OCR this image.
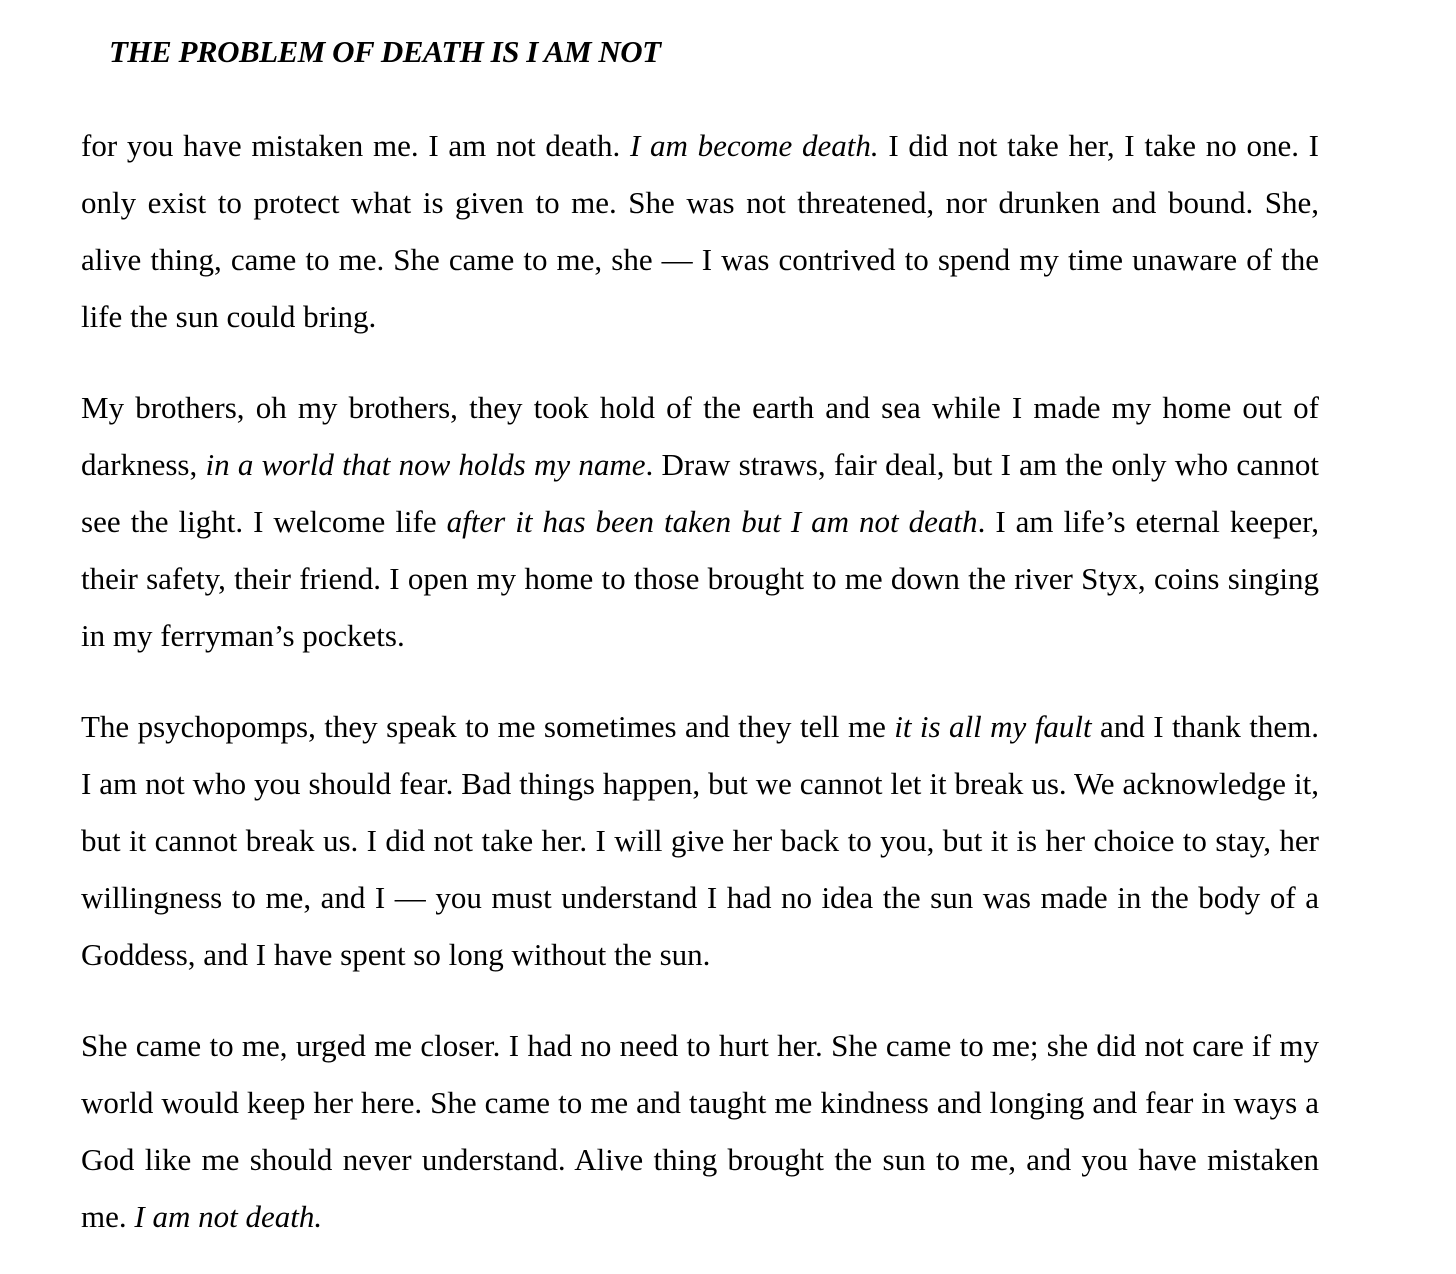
THE PROBLEM OF DEATH IS I AM NOT

for you have mistaken me. I am not death. I am become death. I did not take her, I take no one. I only exist to protect what is given to me. She was not threatened, nor drunken and bound. She, alive thing, came to me. She came to me, she — I was contrived to spend my time unaware of the life the sun could bring.

My brothers, oh my brothers, they took hold of the earth and sea while I made my home out of darkness, in a world that now holds my name. Draw straws, fair deal, but I am the only who cannot see the light. I welcome life after it has been taken but I am not death. I am life’s eternal keeper, their safety, their friend. I open my home to those brought to me down the river Styx, coins singing in my ferryman’s pockets.

The psychopomps, they speak to me sometimes and they tell me it is all my fault and I thank them. I am not who you should fear. Bad things happen, but we cannot let it break us. We acknowledge it, but it cannot break us. I did not take her. I will give her back to you, but it is her choice to stay, her willingness to me, and I — you must understand I had no idea the sun was made in the body of a Goddess, and I have spent so long without the sun.

She came to me, urged me closer. I had no need to hurt her. She came to me; she did not care if my world would keep her here. She came to me and taught me kindness and longing and fear in ways a God like me should never understand. Alive thing brought the sun to me, and you have mistaken me. I am not death.
